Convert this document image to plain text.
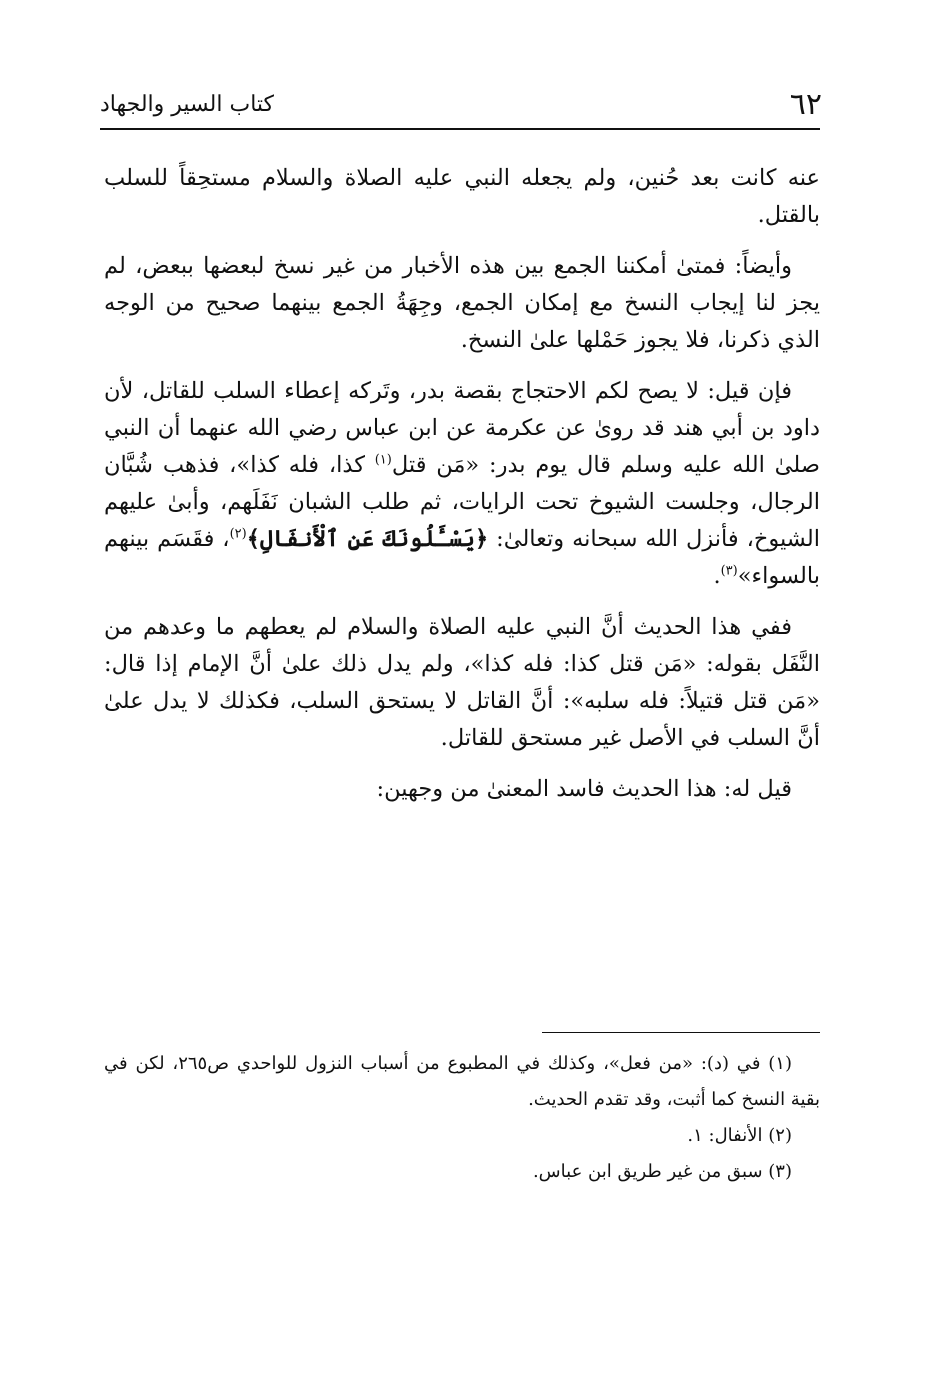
٦٢
كتاب السير والجهاد

عنه كانت بعد حُنين، ولم يجعله النبي عليه الصلاة والسلام مستحِقاً للسلب بالقتل.

وأيضاً: فمتىٰ أمكننا الجمع بين هذه الأخبار من غير نسخ لبعضها ببعض، لم يجز لنا إيجاب النسخ مع إمكان الجمع، وجِهَةُ الجمع بينهما صحيح من الوجه الذي ذكرنا، فلا يجوز حَمْلها علىٰ النسخ.

فإن قيل: لا يصح لكم الاحتجاج بقصة بدر، وتَركه إعطاء السلب للقاتل، لأن داود بن أبي هند قد روىٰ عن عكرمة عن ابن عباس رضي الله عنهما أن النبي صلىٰ الله عليه وسلم قال يوم بدر: «مَن قتل$^{(١)}$ كذا، فله كذا»، فذهب شُبَّان الرجال، وجلست الشيوخ تحت الرايات، ثم طلب الشبان نَفَلَهم، وأبىٰ عليهم الشيوخ، فأنزل الله سبحانه وتعالىٰ: ﴿يَسْـَٔلُونَكَ عَنِ ٱلْأَنفَالِ﴾$^{(٢)}$، فقَسَم بينهم بالسواء»$^{(٣)}$.

ففي هذا الحديث أنَّ النبي عليه الصلاة والسلام لم يعطهم ما وعدهم من النَّفَل بقوله: «مَن قتل كذا: فله كذا»، ولم يدل ذلك علىٰ أنَّ الإمام إذا قال: «مَن قتل قتيلاً: فله سلبه»: أنَّ القاتل لا يستحق السلب، فكذلك لا يدل علىٰ أنَّ السلب في الأصل غير مستحق للقاتل.

قيل له: هذا الحديث فاسد المعنىٰ من وجهين:

(١) في (د): «من فعل»، وكذلك في المطبوع من أسباب النزول للواحدي ص٢٦٥، لكن في بقية النسخ كما أثبت، وقد تقدم الحديث.

(٢) الأنفال: ١.

(٣) سبق من غير طريق ابن عباس.
